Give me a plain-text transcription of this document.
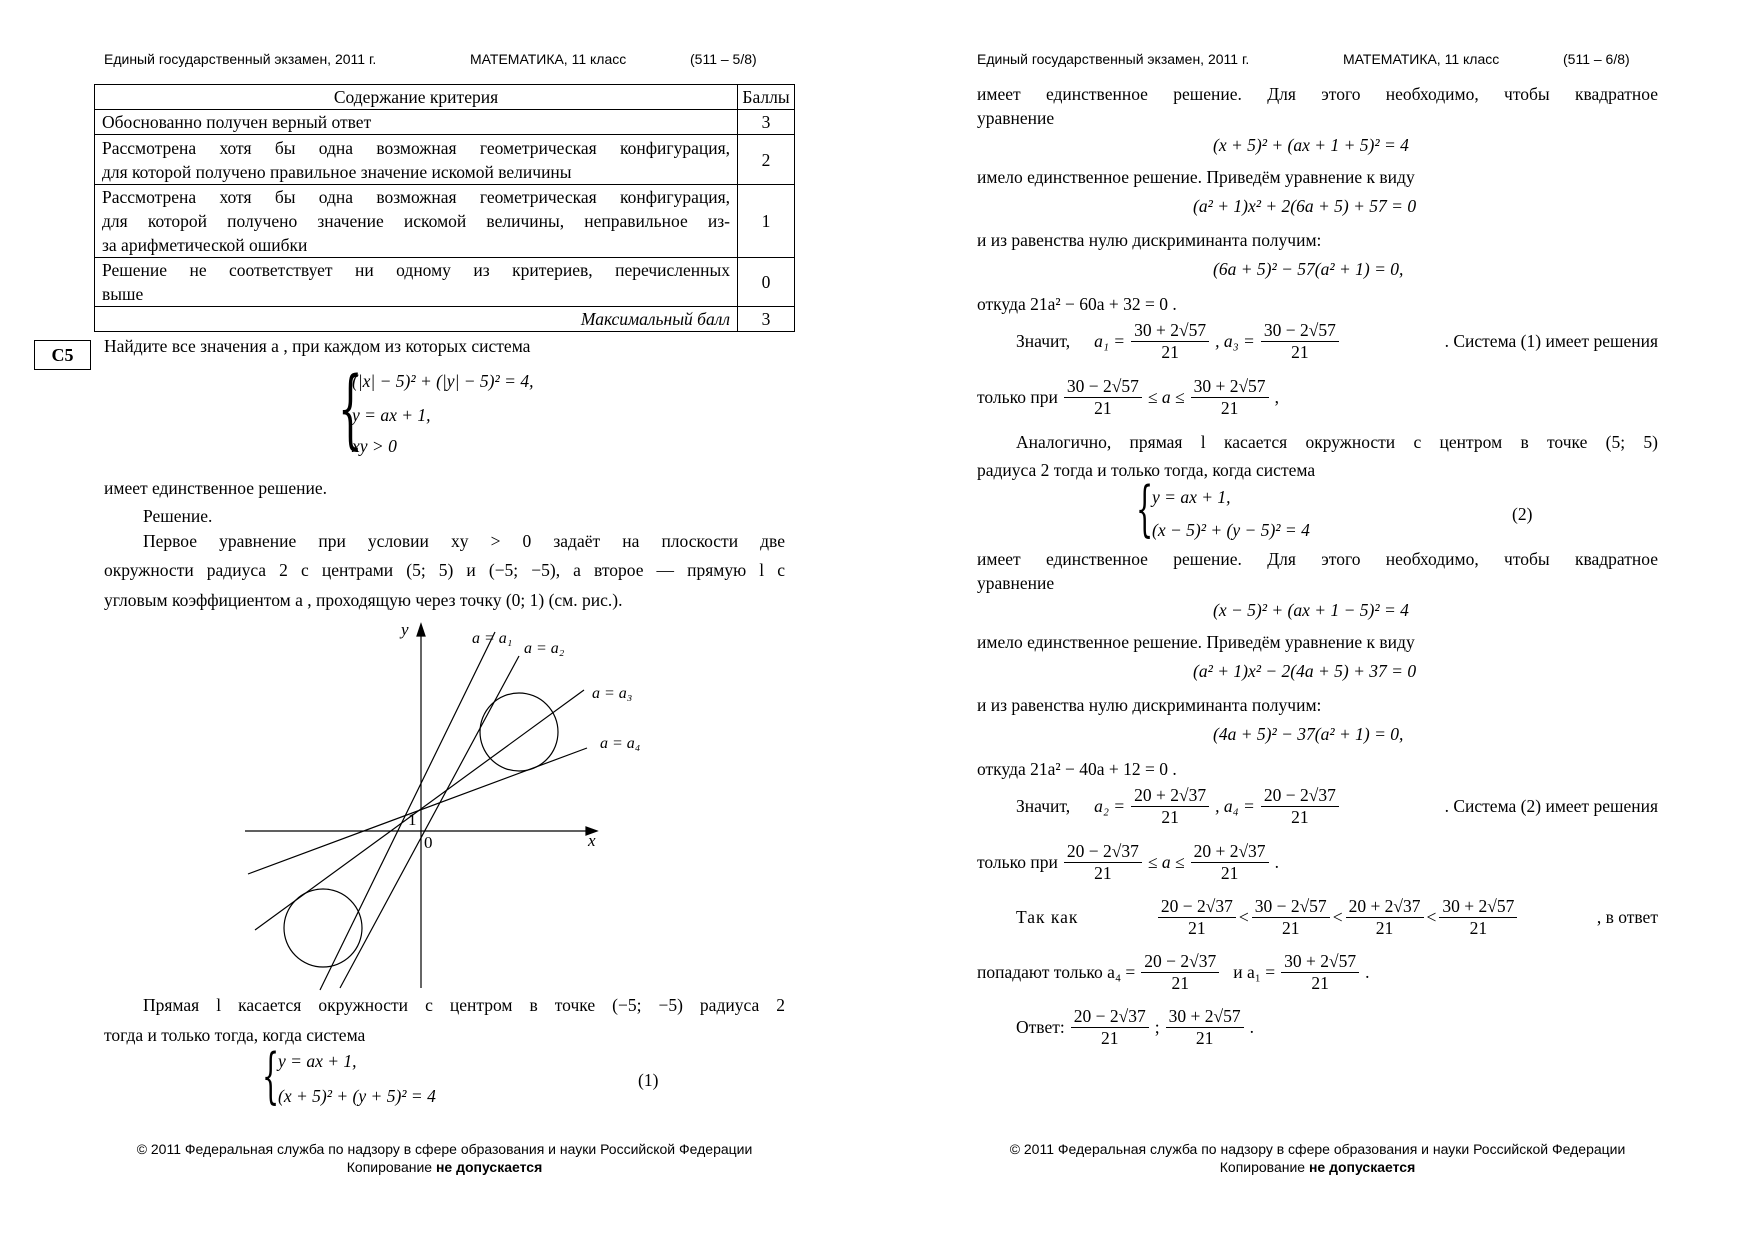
Единый государственный экзамен, 2011 г.	МАТЕМАТИКА, 11 класс	(511 – 5/8)
Содержание критерия	Баллы
Обоснованно получен верный ответ	3

Рассмотрена хотя бы одна возможная геометрическая конфигурация,
для которой получено правильное значение искомой величины	2

Рассмотрена хотя бы одна возможная геометрическая конфигурация,
для которой получено значение искомой величины, неправильное из-
за арифметической ошибки	1

Решение не соответствует ни одному из критериев, перечисленных
выше	0
Максимальный балл	3
С5	Найдите все значения a , при каждом из которых система
{
(|x| − 5)² + (|y| − 5)² = 4,
y = ax + 1,
xy > 0
имеет единственное решение.
Решение.
Первое уравнение при условии xy > 0 задаёт на плоскости две
окружности радиуса 2 с центрами (5; 5) и (−5; −5), а второе — прямую l с
угловым коэффициентом a , проходящую через точку (0; 1) (см. рис.).
y
x
1
0
a = a₁
a = a₂
a = a₃
a = a₄
Прямая l касается окружности с центром в точке (−5; −5) радиуса 2
тогда и только тогда, когда система
{
y = ax + 1,
(x + 5)² + (y + 5)² = 4
(1)
© 2011 Федеральная служба по надзору в сфере образования и науки Российской Федерации
Копирование не допускается
Единый государственный экзамен, 2011 г.	МАТЕМАТИКА, 11 класс	(511 – 6/8)
имеет единственное решение. Для этого необходимо, чтобы квадратное
уравнение
(x + 5)² + (ax + 1 + 5)² = 4
имело единственное решение. Приведём уравнение к виду
(a² + 1)x² + 2(6a + 5) + 57 = 0
и из равенства нулю дискриминанта получим:
(6a + 5)² − 57(a² + 1) = 0,
откуда 21a² − 60a + 32 = 0 .
Значит, $a_1 = \frac{30 + 2√57}{21}$ , $a_3 = \frac{30 - 2√57}{21}$	. Система (1) имеет решения
только при $\frac{30 - 2√57}{21} \le a \le \frac{30 + 2√57}{21}$ ,
Аналогично, прямая l касается окружности с центром в точке (5; 5)
радиуса 2 тогда и только тогда, когда система
{
y = ax + 1,
(x − 5)² + (y − 5)² = 4
(2)
имеет единственное решение. Для этого необходимо, чтобы квадратное
уравнение
(x − 5)² + (ax + 1 − 5)² = 4
имело единственное решение. Приведём уравнение к виду
(a² + 1)x² − 2(4a + 5) + 37 = 0
и из равенства нулю дискриминанта получим:
(4a + 5)² − 37(a² + 1) = 0,
откуда 21a² − 40a + 12 = 0 .
Значит, $a_2 = \frac{20 + 2√37}{21}$ , $a_4 = \frac{20 - 2√37}{21}$	. Система (2) имеет решения
только при $\frac{20 - 2√37}{21} \le a \le \frac{20 + 2√37}{21}$ .
Так как	$\frac{20 - 2√37}{21} < \frac{30 - 2√57}{21} < \frac{20 + 2√37}{21} < \frac{30 + 2√57}{21}$	, в ответ
попадают только $a_4 = \frac{20 - 2√37}{21}$ и $a_1 = \frac{30 + 2√57}{21}$ .
Ответ: $\frac{20 - 2√37}{21}$ ; $\frac{30 + 2√57}{21}$ .
© 2011 Федеральная служба по надзору в сфере образования и науки Российской Федерации
Копирование не допускается
